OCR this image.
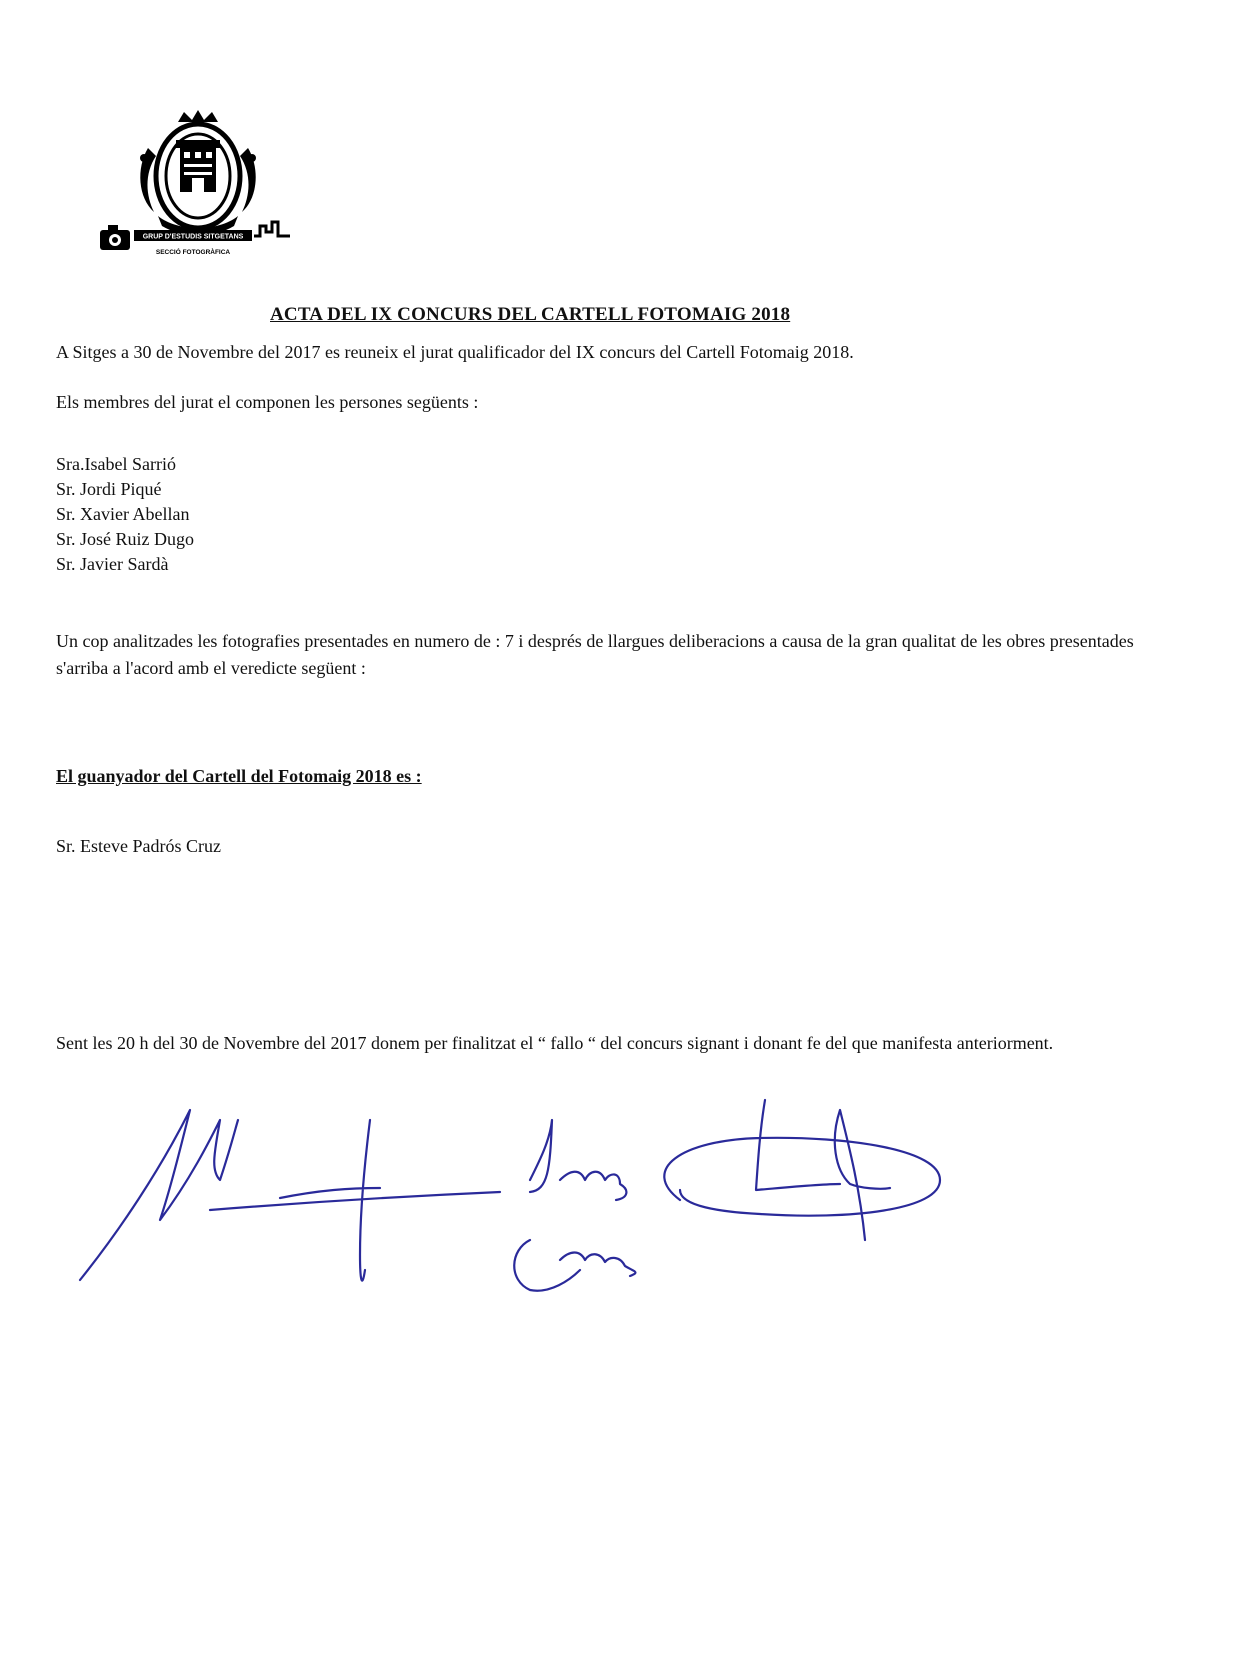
GRUP D'ESTUDIS SITGETANS
SECCIÓ FOTOGRÀFICA
ACTA DEL IX CONCURS DEL CARTELL FOTOMAIG 2018
A Sitges a 30 de Novembre del 2017 es reuneix el jurat qualificador del IX concurs del Cartell Fotomaig 2018.
Els membres del jurat el componen les persones següents :
Sra.Isabel Sarrió
Sr. Jordi Piqué
Sr. Xavier Abellan
Sr. José Ruiz Dugo
Sr. Javier Sardà
Un cop analitzades les fotografies presentades en numero de : 7 i després de llargues deliberacions a causa de la gran qualitat de les obres presentades s'arriba a l'acord amb el veredicte següent :
El guanyador del Cartell del Fotomaig 2018 es :
Sr. Esteve Padrós Cruz
Sent les 20 h del 30 de Novembre del 2017 donem per finalitzat el “ fallo “ del concurs signant i donant fe del que manifesta anteriorment.
